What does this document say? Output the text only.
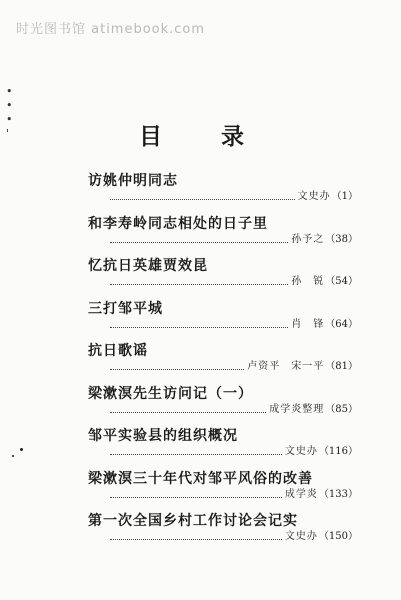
时光图书馆 atimebook.com
•
•
•
'	目　录
访姚仲明同志
文史办 （1）
和李寿岭同志相处的日子里
孙予之 （38）
忆抗日英雄贾效昆
孙　锐 （54）
三打邹平城
肖　锋 （64）
抗日歌谣
卢资平　宋一平 （81）
梁漱溟先生访问记（一）
成学炎整理 （85）
邹平实验县的组织概况
文史办 （116）
梁漱溟三十年代对邹平风俗的改善
成学炎 （133）
第一次全国乡村工作讨论会记实
文史办 （150）
